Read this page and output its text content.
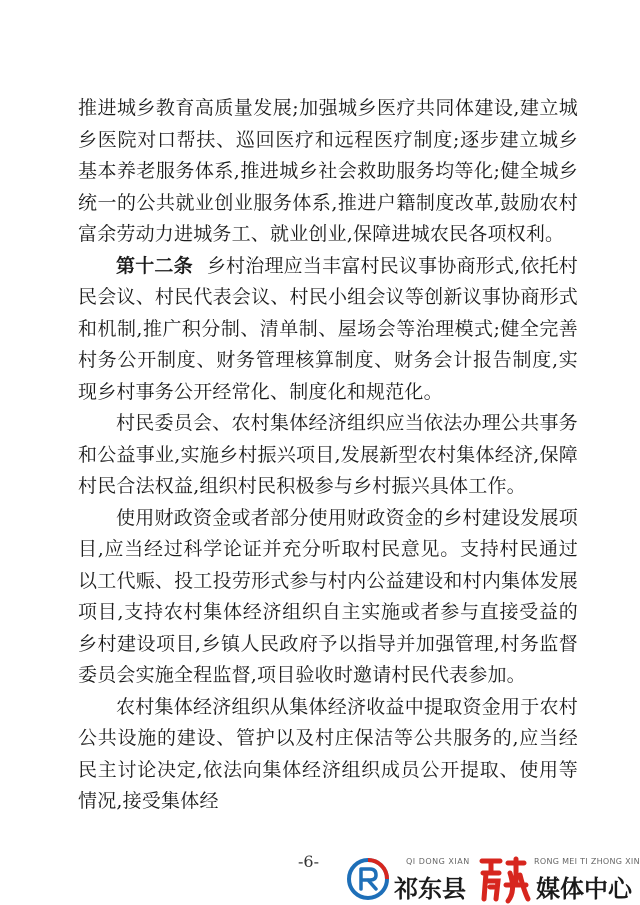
推进城乡教育高质量发展;加强城乡医疗共同体建设,建立城乡医院对口帮扶、巡回医疗和远程医疗制度;逐步建立城乡基本养老服务体系,推进城乡社会救助服务均等化;健全城乡统一的公共就业创业服务体系,推进户籍制度改革,鼓励农村富余劳动力进城务工、就业创业,保障进城农民各项权利。

第十二条 乡村治理应当丰富村民议事协商形式,依托村民会议、村民代表会议、村民小组会议等创新议事协商形式和机制,推广积分制、清单制、屋场会等治理模式;健全完善村务公开制度、财务管理核算制度、财务会计报告制度,实现乡村事务公开经常化、制度化和规范化。

村民委员会、农村集体经济组织应当依法办理公共事务和公益事业,实施乡村振兴项目,发展新型农村集体经济,保障村民合法权益,组织村民积极参与乡村振兴具体工作。

使用财政资金或者部分使用财政资金的乡村建设发展项目,应当经过科学论证并充分听取村民意见。支持村民通过以工代赈、投工投劳形式参与村内公益建设和村内集体发展项目,支持农村集体经济组织自主实施或者参与直接受益的乡村建设项目,乡镇人民政府予以指导并加强管理,村务监督委员会实施全程监督,项目验收时邀请村民代表参加。

农村集体经济组织从集体经济收益中提取资金用于农村公共设施的建设、管护以及村庄保洁等公共服务的,应当经民主讨论决定,依法向集体经济组织成员公开提取、使用等情况,接受集体经

-6-	QI DONG XIAN
祁东县
RONG MEI TI ZHONG XIN
媒体中心
